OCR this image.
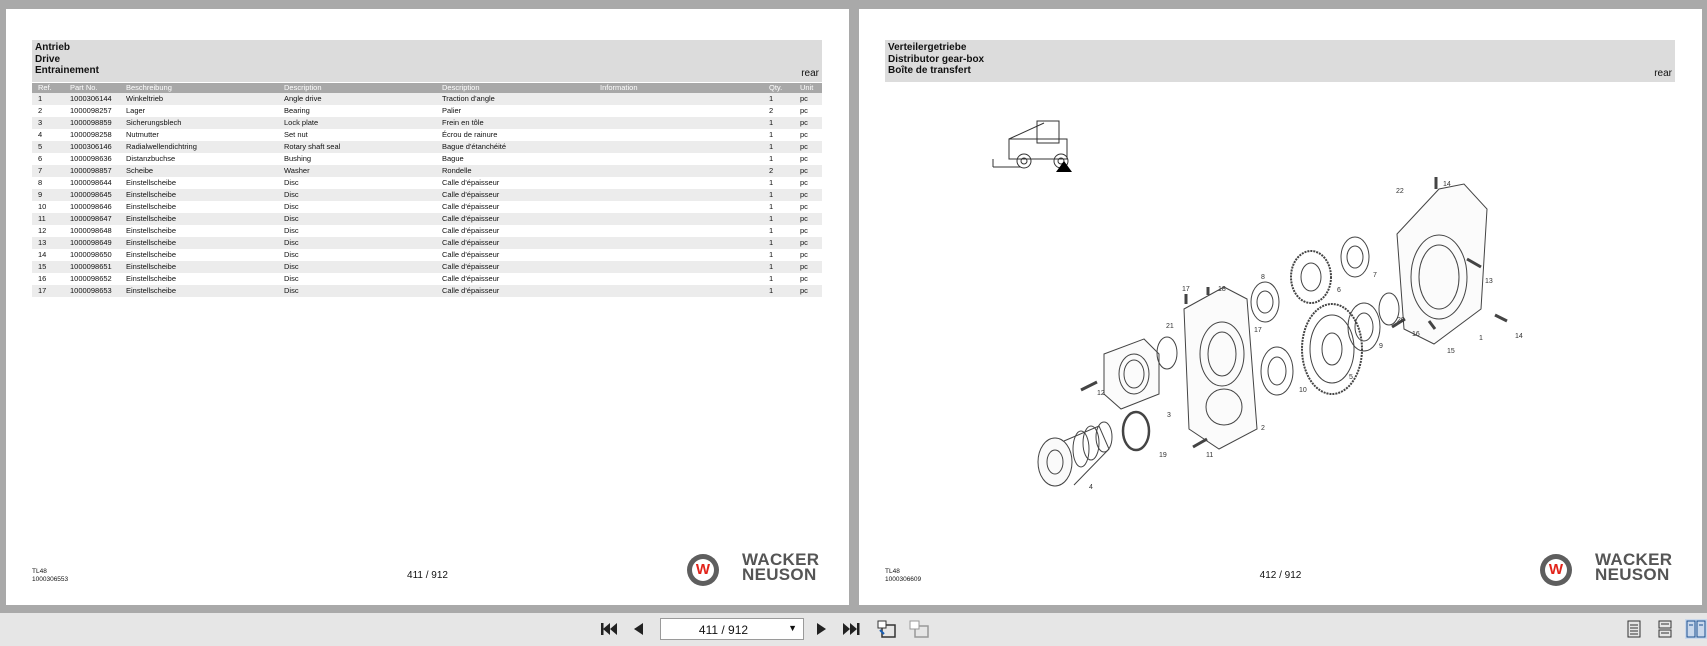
Antrieb
Drive
Entrainement	rear
Ref. Part No.	Beschreibung	Description	Description	Information	Qty. Unit
1	1000306144 Winkeltrieb	Angle drive	Traction d'angle	1	pc
2	1000098257 Lager	Bearing	Palier	2	pc
3	1000098859 Sicherungsblech	Lock plate	Frein en tôle	1	pc
4	1000098258 Nutmutter	Set nut	Écrou de rainure	1	pc
5	1000306146 Radialwellendichtring	Rotary shaft seal	Bague d'étanchéité	1	pc
6	1000098636 Distanzbuchse	Bushing	Bague	1	pc
7	1000098857 Scheibe	Washer	Rondelle	2	pc
8	1000098644 Einstellscheibe	Disc	Calle d'épaisseur	1	pc
9	1000098645 Einstellscheibe	Disc	Calle d'épaisseur	1	pc
10	1000098646 Einstellscheibe	Disc	Calle d'épaisseur	1	pc
11	1000098647 Einstellscheibe	Disc	Calle d'épaisseur	1	pc
12	1000098648 Einstellscheibe	Disc	Calle d'épaisseur	1	pc
13	1000098649 Einstellscheibe	Disc	Calle d'épaisseur	1	pc
14	1000098650 Einstellscheibe	Disc	Calle d'épaisseur	1	pc
15	1000098651 Einstellscheibe	Disc	Calle d'épaisseur	1	pc
16	1000098652 Einstellscheibe	Disc	Calle d'épaisseur	1	pc
17	1000098653 Einstellscheibe	Disc	Calle d'épaisseur	1	pc
TL48
1000306553	411 / 912	W
WACKER
NEUSON
Verteilergetriebe
Distributor gear-box
Boîte de transfert	rear
1
2
3
4
5
6
7
8
9
10
11
12
13
14
14
15
16
17
17
18
19
20
21
22
TL48
1000306609	412 / 912	W
WACKER
NEUSON
411 / 912	▼
